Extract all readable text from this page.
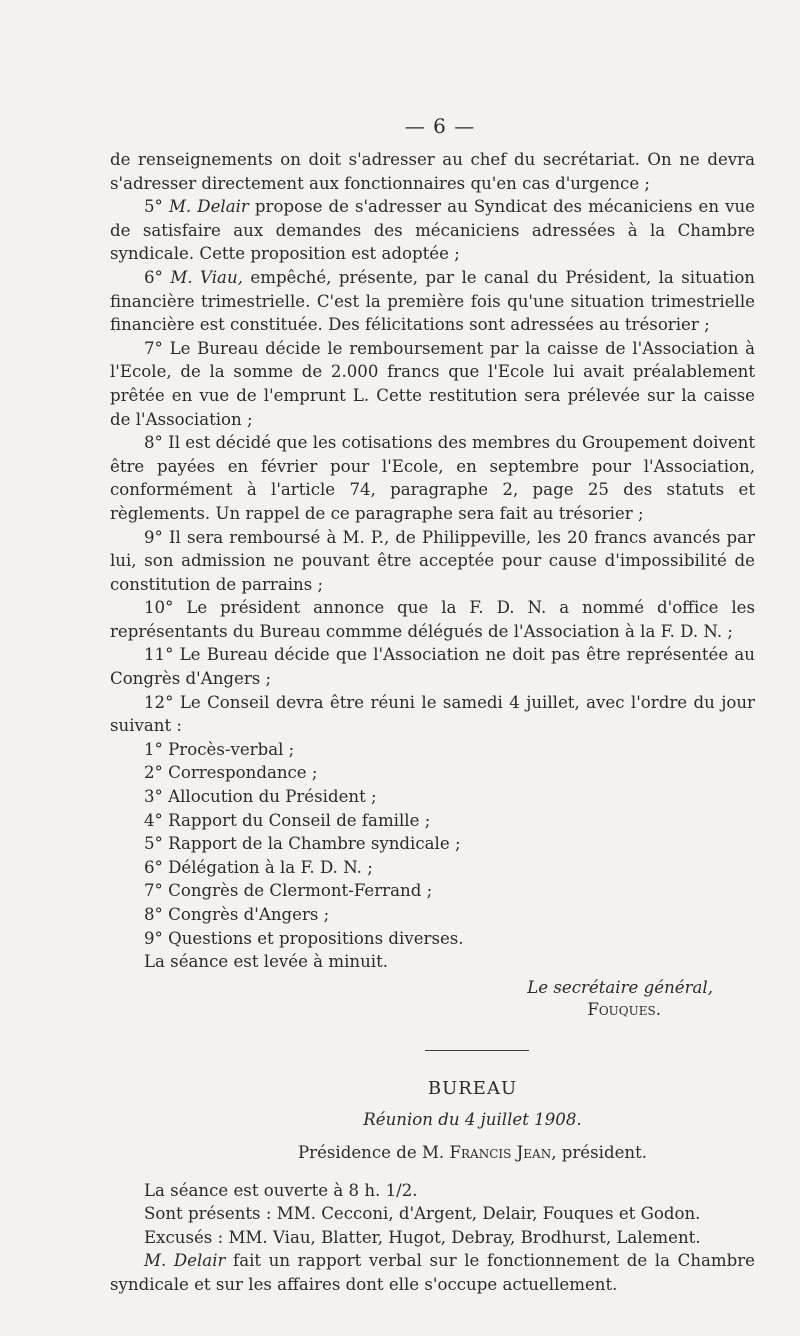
— 6 —

de renseignements on doit s'adresser au chef du secrétariat. On ne devra s'adresser directement aux fonctionnaires qu'en cas d'urgence ;

5° M. Delair propose de s'adresser au Syndicat des mécaniciens en vue de satisfaire aux demandes des mécaniciens adressées à la Chambre syndicale. Cette proposition est adoptée ;

6° M. Viau, empêché, présente, par le canal du Président, la situation financière trimestrielle. C'est la première fois qu'une situation trimestrielle financière est constituée. Des félicitations sont adressées au trésorier ;

7° Le Bureau décide le remboursement par la caisse de l'Association à l'Ecole, de la somme de 2.000 francs que l'Ecole lui avait préalablement prêtée en vue de l'emprunt L. Cette restitution sera prélevée sur la caisse de l'Association ;

8° Il est décidé que les cotisations des membres du Groupement doivent être payées en février pour l'Ecole, en septembre pour l'Association, conformément à l'article 74, paragraphe 2, page 25 des statuts et règlements. Un rappel de ce paragraphe sera fait au trésorier ;

9° Il sera remboursé à M. P., de Philippeville, les 20 francs avancés par lui, son admission ne pouvant être acceptée pour cause d'impossibilité de constitution de parrains ;

10° Le président annonce que la F. D. N. a nommé d'office les représentants du Bureau commme délégués de l'Association à la F. D. N. ;

11° Le Bureau décide que l'Association ne doit pas être représentée au Congrès d'Angers ;

12° Le Conseil devra être réuni le samedi 4 juillet, avec l'ordre du jour suivant :

1° Procès-verbal ;

2° Correspondance ;

3° Allocution du Président ;

4° Rapport du Conseil de famille ;

5° Rapport de la Chambre syndicale ;

6° Délégation à la F. D. N. ;

7° Congrès de Clermont-Ferrand ;

8° Congrès d'Angers ;

9° Questions et propositions diverses.

La séance est levée à minuit.

Le secrétaire général,
Fouques.
BUREAU
Réunion du 4 juillet 1908.
Présidence de M. Francis Jean, président.

La séance est ouverte à 8 h. 1/2.

Sont présents : MM. Cecconi, d'Argent, Delair, Fouques et Godon.

Excusés : MM. Viau, Blatter, Hugot, Debray, Brodhurst, Lalement.

M. Delair fait un rapport verbal sur le fonctionnement de la Chambre syndicale et sur les affaires dont elle s'occupe actuellement.
